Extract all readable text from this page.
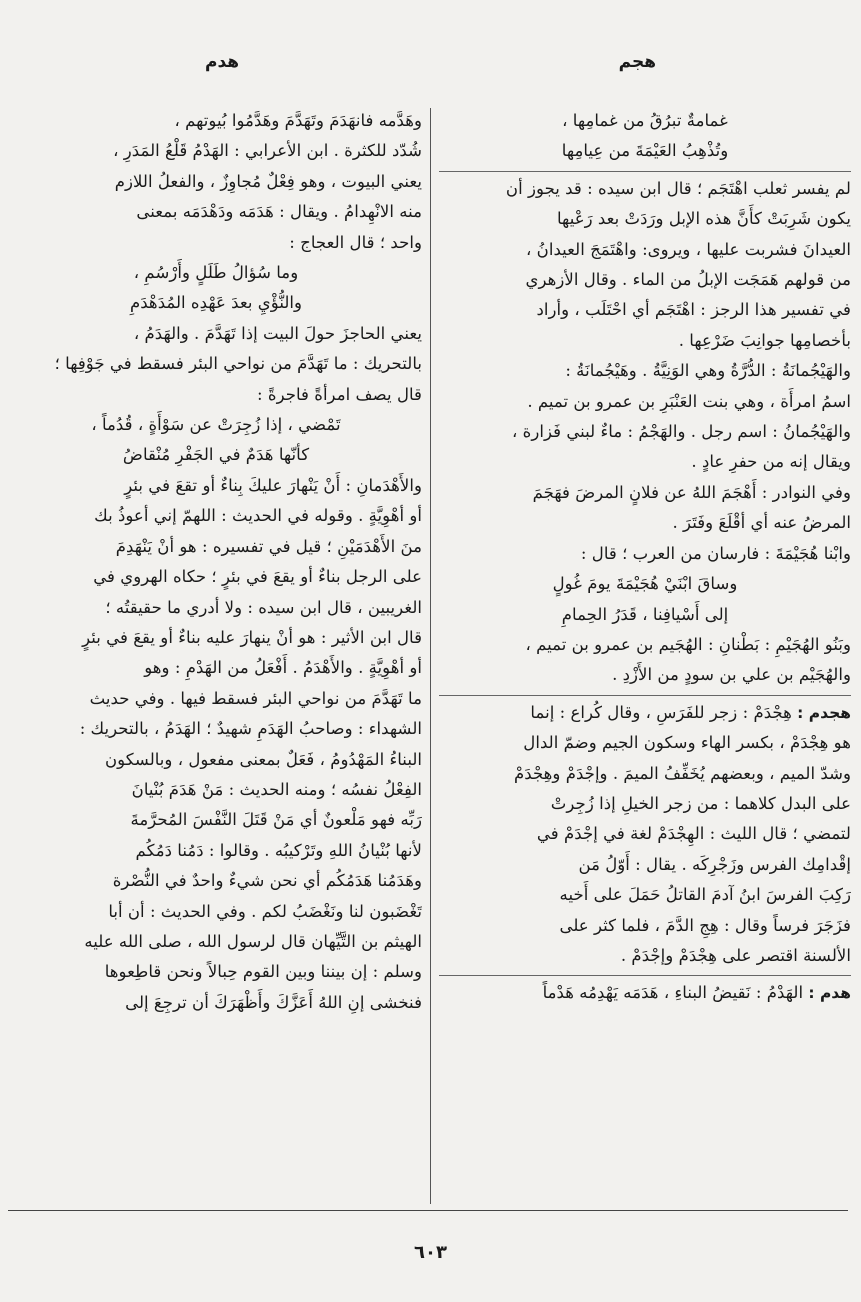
هجم
هدم
غمامةٌ تبرُقُ من غمامِها ،
وتُذْهِبُ العَيْمَةَ من عِيامِها
لم يفسر ثعلب اهْتَجَم ؛ قال ابن سيده : قد يجوز أن
يكون شَرِبَتْ كأَنَّ هذه الإبل ورَدَتْ بعد رَعْيها
العيدانَ فشربت عليها ، ويروى: واهْتَمَجَ العيدانُ ،
من قولهم هَمَجَت الإبلُ من الماء . وقال الأزهري
في تفسير هذا الرجز : اهْتَجَم أي احْتَلَب ، وأراد
بأخصامِها جوانِبَ ضَرْعِها .
والهَيْجُمانَةُ : الدُّرَّةُ وهي الوَنِيَّةُ . وهَيْجُمانَةُ :
اسمُ امرأَة ، وهي بنت العَنْبَرِ بن عمرو بن تميم .
والهَيْجُمانُ : اسم رجل . والهَجْمُ : ماءٌ لبني فَزارة ،
ويقال إنه من حفرِ عادٍ .
وفي النوادر : أَهْجَمَ اللهُ عن فلانٍ المرضَ فهَجَمَ
المرضُ عنه أي أقْلَعَ وفَتَرَ .
وابْنا هُجَيْمَةَ : فارسان من العرب ؛ قال :
وساقَ ابْنَيْ هُجَيْمَةَ يومَ غُولٍ
إلى أَسْيافِنا ، قَدَرُ الحِمامِ
وبَنُو الهُجَيْمِ : بَطْنانِ : الهُجَيم بن عمرو بن تميم ،
والهُجَيْم بن علي بن سودٍ من الأَزْدِ .
هجدم : هِجْدَمْ : زجر للفَرَسِ ، وقال كُراع : إنما
هو هِجْدَمْ ، بكسر الهاء وسكون الجيم وضمّ الدال
وشدّ الميم ، وبعضهم يُخَفِّفُ الميمَ . وإجْدَمْ وهِجْدَمْ
على البدل كلاهما : من زجر الخيلِ إذا زُجِرتْ
لتمضي ؛ قال الليث : الهِجْدَمْ لغة في إجْدَمْ في
إقْدامِك الفرس وزَجْرِكَه . يقال : أَوّلُ مَن
رَكِبَ الفرسَ ابنُ آدمَ القاتلُ حَمَلَ على أَخيه
فزَجَرَ فرساً وقال : هِجِ الدَّمَ ، فلما كثر على
الألسنة اقتصر على هِجْدَمْ وإجْدَمْ .
هدم : الهَدْمُ : نَقيضُ البناءِ ، هَدَمَه يَهْدِمُه هَدْماً
وهَدَّمه فانهَدَمَ وتَهَدَّمَ وهَدَّمُوا بُيوتهم ،
شُدّد للكثرة . ابن الأعرابي : الهَدْمُ قَلْعُ المَدَرِ ،
يعني البيوت ، وهو فِعْلٌ مُجاوِزٌ ، والفعلُ اللازم
منه الانْهِدامُ . ويقال : هَدَمَه ودَهْدَمَه بمعنى
واحد ؛ قال العجاج :
وما سُؤالُ طَلَلٍ وأَرْسُمِ ،
والنُّؤْيِ بعدَ عَهْدِه المُدَهْدَمِ
يعني الحاجزَ حولَ البيت إذا تَهَدَّمَ . والهَدَمُ ،
بالتحريك : ما تَهَدَّمَ من نواحي البئر فسقط في جَوْفِها ؛
قال يصف امرأةً فاجرةً :
تَمْضي ، إذا زُجِرَتْ عن سَوْأَةٍ ، قُدُماً ،
كأنّها هَدَمٌ في الجَفْرِ مُنْقاضُ
والأَهْدَمانِ : أَنْ يَنْهارَ عليكَ بِناءٌ أو تقعَ في بئرٍ
أو أهْوِيَّةٍ . وقوله في الحديث : اللهمّ إني أعوذُ بك
منَ الأَهْدَمَيْنِ ؛ قيل في تفسيره : هو أنْ يَنْهَدِمَ
على الرجل بناءٌ أو يقعَ في بئرٍ ؛ حكاه الهروي في
الغريبين ، قال ابن سيده : ولا أدري ما حقيقتُه ؛
قال ابن الأثير : هو أنْ ينهارَ عليه بناءٌ أو يقعَ في بئرٍ
أو أهْوِيَّةٍ . والأَهْدَمُ . أَفْعَلُ من الهَدْمِ : وهو
ما تَهَدَّمَ من نواحي البئر فسقط فيها . وفي حديث
الشهداء : وصاحبُ الهَدَمِ شهيدٌ ؛ الهَدَمُ ، بالتحريك :
البناءُ المَهْدُومُ ، فَعَلٌ بمعنى مفعول ، وبالسكون
الفِعْلُ نفسُه ؛ ومنه الحديث : مَنْ هَدَمَ بُنْيانَ
رَبِّه فهو مَلْعونٌ أي مَنْ قَتَلَ النَّفْسَ المُحرَّمةَ
لأنها بُنْيانُ اللهِ وتَرْكيبُه . وقالوا : دَمُنا دَمُكُم
وهَدَمُنا هَدَمُكُم أي نحن شيءٌ واحدٌ في النُّصْرة
تَغْضَبون لنا ونَغْضَبُ لكم . وفي الحديث : أن أبا
الهيثم بن التَّيِّهان قال لرسول الله ، صلى الله عليه
وسلم : إن بيننا وبين القوم حِبالاً ونحن قاطِعوها
فنخشى إنِ اللهُ أَعَزَّكَ وأَظْهَرَكَ أن ترجِعَ إلى
٦٠٣
